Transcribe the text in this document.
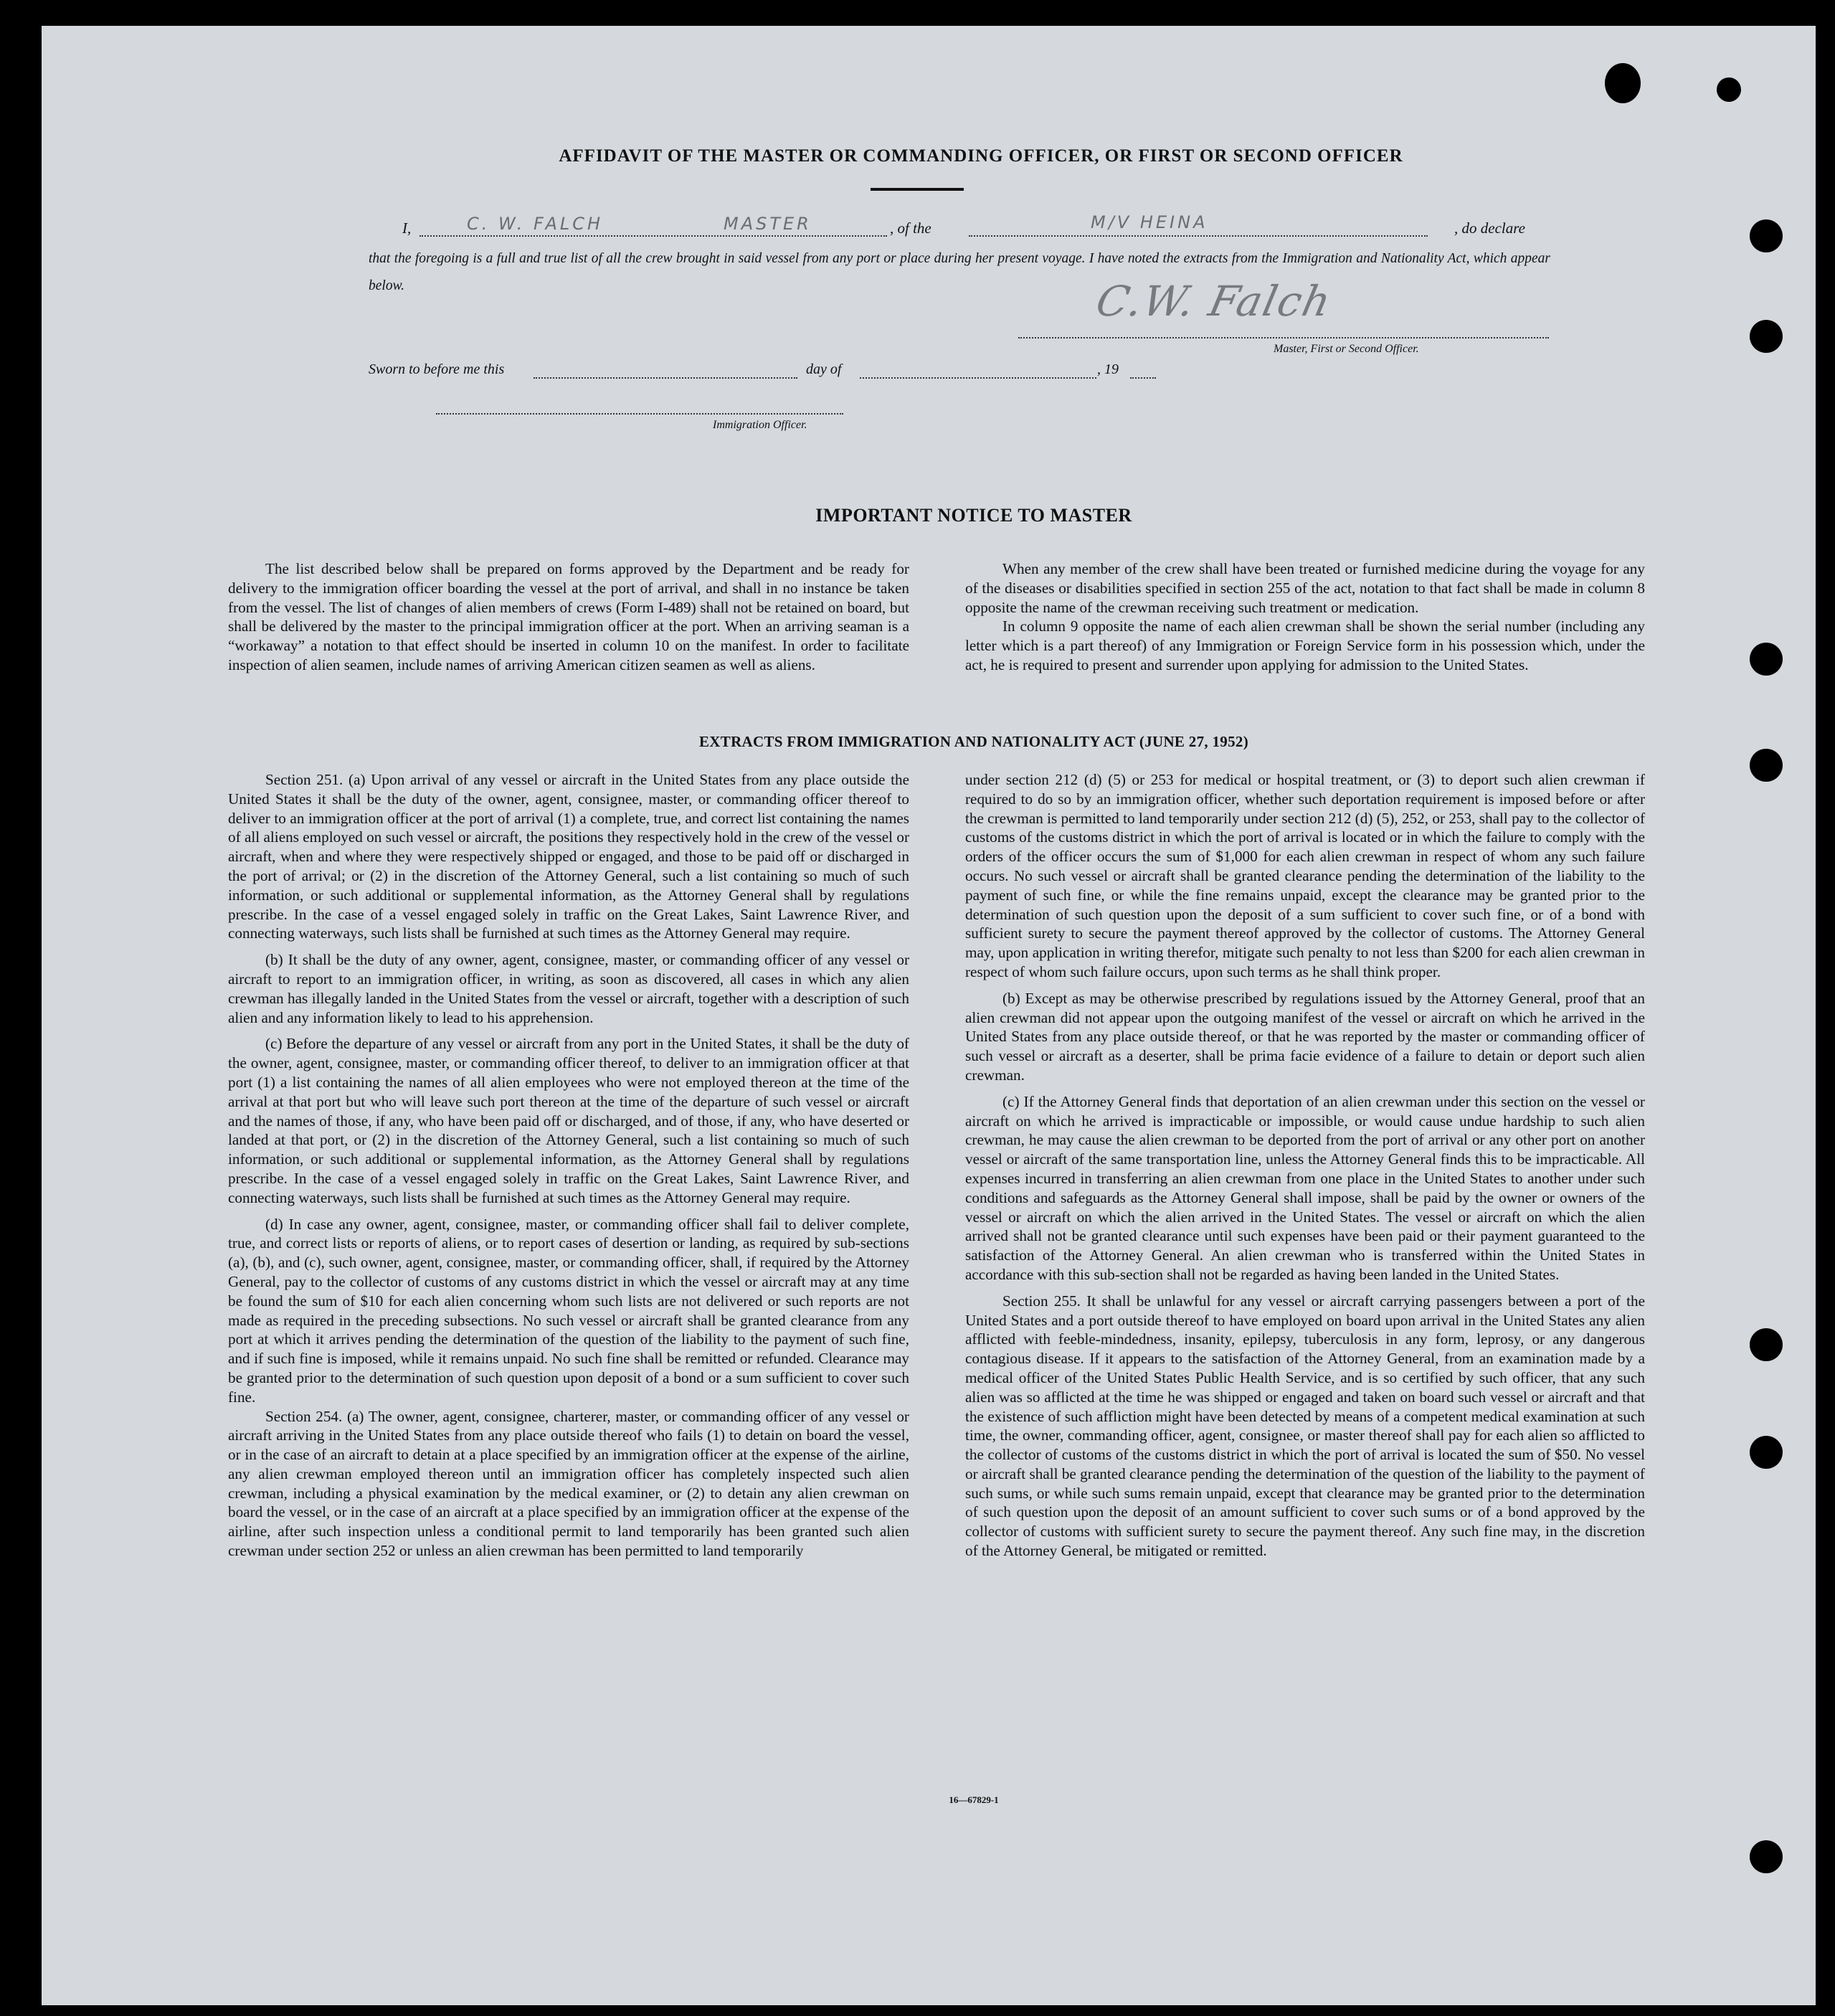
AFFIDAVIT OF THE MASTER OR COMMANDING OFFICER, OR FIRST OR SECOND OFFICER
I,	C. W. FALCH	MASTER	, of the	M/V HEINA	, do declare
that the foregoing is a full and true list of all the crew brought in said vessel from any port or place during her present voyage. I have noted the extracts from the Immigration and Nationality Act, which appear below.	C.W. Falch
Master, First or Second Officer.
Sworn to before me this	day of	, 19
Immigration Officer.
IMPORTANT NOTICE TO MASTER

The list described below shall be prepared on forms approved by the Department and be ready for delivery to the immigration officer boarding the vessel at the port of arrival, and shall in no instance be taken from the vessel. The list of changes of alien members of crews (Form I-489) shall not be retained on board, but shall be delivered by the master to the principal immigration officer at the port. When an arriving seaman is a “workaway” a notation to that effect should be inserted in column 10 on the manifest. In order to facilitate inspection of alien seamen, include names of arriving American citizen seamen as well as aliens.

When any member of the crew shall have been treated or furnished medicine during the voyage for any of the diseases or disabilities specified in section 255 of the act, notation to that fact shall be made in column 8 opposite the name of the crewman receiving such treatment or medication.

In column 9 opposite the name of each alien crewman shall be shown the serial number (including any letter which is a part thereof) of any Immigration or Foreign Service form in his possession which, under the act, he is required to present and surrender upon applying for admission to the United States.

EXTRACTS FROM IMMIGRATION AND NATIONALITY ACT (JUNE 27, 1952)

Section 251. (a) Upon arrival of any vessel or aircraft in the United States from any place outside the United States it shall be the duty of the owner, agent, consignee, master, or commanding officer thereof to deliver to an immigration officer at the port of arrival (1) a complete, true, and correct list containing the names of all aliens employed on such vessel or aircraft, the positions they respectively hold in the crew of the vessel or aircraft, when and where they were respectively shipped or engaged, and those to be paid off or discharged in the port of arrival; or (2) in the discretion of the Attorney General, such a list containing so much of such information, or such additional or supplemental information, as the Attorney General shall by regulations prescribe. In the case of a vessel engaged solely in traffic on the Great Lakes, Saint Lawrence River, and connecting waterways, such lists shall be furnished at such times as the Attorney General may require.

(b) It shall be the duty of any owner, agent, consignee, master, or commanding officer of any vessel or aircraft to report to an immigration officer, in writing, as soon as discovered, all cases in which any alien crewman has illegally landed in the United States from the vessel or aircraft, together with a description of such alien and any information likely to lead to his apprehension.

(c) Before the departure of any vessel or aircraft from any port in the United States, it shall be the duty of the owner, agent, consignee, master, or commanding officer thereof, to deliver to an immigration officer at that port (1) a list containing the names of all alien employees who were not employed thereon at the time of the arrival at that port but who will leave such port thereon at the time of the departure of such vessel or aircraft and the names of those, if any, who have been paid off or discharged, and of those, if any, who have deserted or landed at that port, or (2) in the discretion of the Attorney General, such a list containing so much of such information, or such additional or supplemental information, as the Attorney General shall by regulations prescribe. In the case of a vessel engaged solely in traffic on the Great Lakes, Saint Lawrence River, and connecting waterways, such lists shall be furnished at such times as the Attorney General may require.

(d) In case any owner, agent, consignee, master, or commanding officer shall fail to deliver complete, true, and correct lists or reports of aliens, or to report cases of desertion or landing, as required by sub-sections (a), (b), and (c), such owner, agent, consignee, master, or commanding officer, shall, if required by the Attorney General, pay to the collector of customs of any customs district in which the vessel or aircraft may at any time be found the sum of $10 for each alien concerning whom such lists are not delivered or such reports are not made as required in the preceding subsections. No such vessel or aircraft shall be granted clearance from any port at which it arrives pending the determination of the question of the liability to the payment of such fine, and if such fine is imposed, while it remains unpaid. No such fine shall be remitted or refunded. Clearance may be granted prior to the determination of such question upon deposit of a bond or a sum sufficient to cover such fine.

Section 254. (a) The owner, agent, consignee, charterer, master, or commanding officer of any vessel or aircraft arriving in the United States from any place outside thereof who fails (1) to detain on board the vessel, or in the case of an aircraft to detain at a place specified by an immigration officer at the expense of the airline, any alien crewman employed thereon until an immigration officer has completely inspected such alien crewman, including a physical examination by the medical examiner, or (2) to detain any alien crewman on board the vessel, or in the case of an aircraft at a place specified by an immigration officer at the expense of the airline, after such inspection unless a conditional permit to land temporarily has been granted such alien crewman under section 252 or unless an alien crewman has been permitted to land temporarily

under section 212 (d) (5) or 253 for medical or hospital treatment, or (3) to deport such alien crewman if required to do so by an immigration officer, whether such deportation requirement is imposed before or after the crewman is permitted to land temporarily under section 212 (d) (5), 252, or 253, shall pay to the collector of customs of the customs district in which the port of arrival is located or in which the failure to comply with the orders of the officer occurs the sum of $1,000 for each alien crewman in respect of whom any such failure occurs. No such vessel or aircraft shall be granted clearance pending the determination of the liability to the payment of such fine, or while the fine remains unpaid, except the clearance may be granted prior to the determination of such question upon the deposit of a sum sufficient to cover such fine, or of a bond with sufficient surety to secure the payment thereof approved by the collector of customs. The Attorney General may, upon application in writing therefor, mitigate such penalty to not less than $200 for each alien crewman in respect of whom such failure occurs, upon such terms as he shall think proper.

(b) Except as may be otherwise prescribed by regulations issued by the Attorney General, proof that an alien crewman did not appear upon the outgoing manifest of the vessel or aircraft on which he arrived in the United States from any place outside thereof, or that he was reported by the master or commanding officer of such vessel or aircraft as a deserter, shall be prima facie evidence of a failure to detain or deport such alien crewman.

(c) If the Attorney General finds that deportation of an alien crewman under this section on the vessel or aircraft on which he arrived is impracticable or impossible, or would cause undue hardship to such alien crewman, he may cause the alien crewman to be deported from the port of arrival or any other port on another vessel or aircraft of the same transportation line, unless the Attorney General finds this to be impracticable. All expenses incurred in transferring an alien crewman from one place in the United States to another under such conditions and safeguards as the Attorney General shall impose, shall be paid by the owner or owners of the vessel or aircraft on which the alien arrived in the United States. The vessel or aircraft on which the alien arrived shall not be granted clearance until such expenses have been paid or their payment guaranteed to the satisfaction of the Attorney General. An alien crewman who is transferred within the United States in accordance with this sub-section shall not be regarded as having been landed in the United States.

Section 255. It shall be unlawful for any vessel or aircraft carrying passengers between a port of the United States and a port outside thereof to have employed on board upon arrival in the United States any alien afflicted with feeble-mindedness, insanity, epilepsy, tuberculosis in any form, leprosy, or any dangerous contagious disease. If it appears to the satisfaction of the Attorney General, from an examination made by a medical officer of the United States Public Health Service, and is so certified by such officer, that any such alien was so afflicted at the time he was shipped or engaged and taken on board such vessel or aircraft and that the existence of such affliction might have been detected by means of a competent medical examination at such time, the owner, commanding officer, agent, consignee, or master thereof shall pay for each alien so afflicted to the collector of customs of the customs district in which the port of arrival is located the sum of $50. No vessel or aircraft shall be granted clearance pending the determination of the question of the liability to the payment of such sums, or while such sums remain unpaid, except that clearance may be granted prior to the determination of such question upon the deposit of an amount sufficient to cover such sums or of a bond approved by the collector of customs with sufficient surety to secure the payment thereof. Any such fine may, in the discretion of the Attorney General, be mitigated or remitted.

16—67829-1
